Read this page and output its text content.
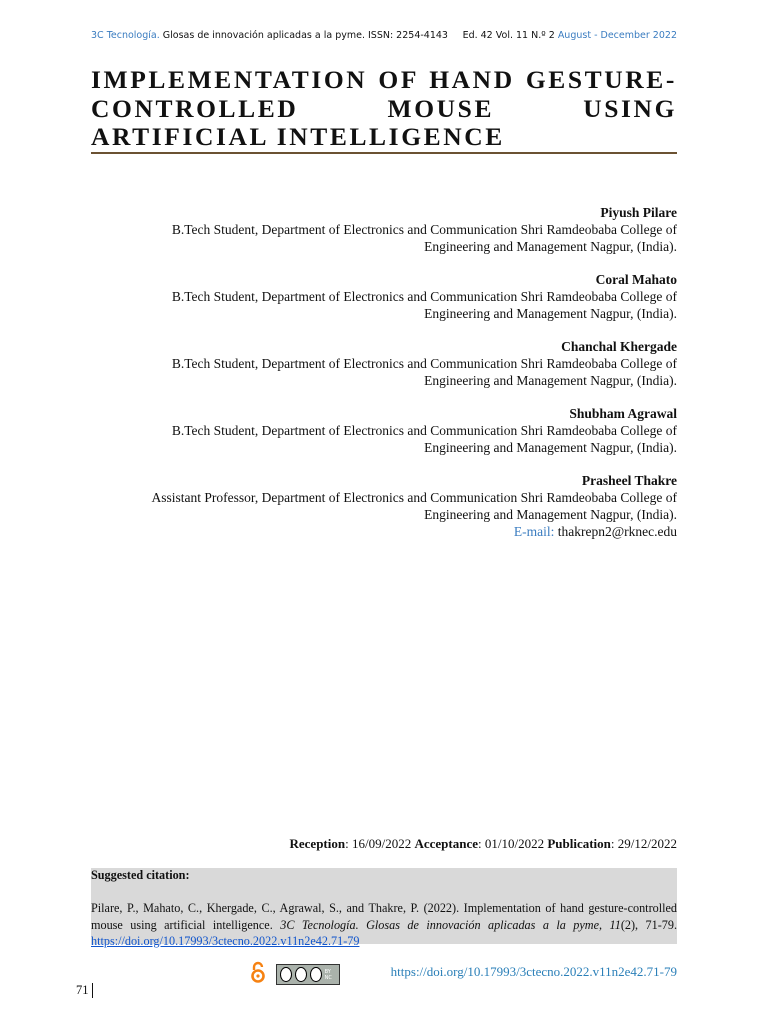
3C Tecnología. Glosas de innovación aplicadas a la pyme. ISSN: 2254-4143 Ed. 42 Vol. 11 N.º 2 August - December 2022
IMPLEMENTATION OF HAND GESTURE-CONTROLLED MOUSE USING ARTIFICIAL INTELLIGENCE
Piyush Pilare
B.Tech Student, Department of Electronics and Communication Shri Ramdeobaba College of
Engineering and Management Nagpur, (India).
Coral Mahato
B.Tech Student, Department of Electronics and Communication Shri Ramdeobaba College of
Engineering and Management Nagpur, (India).
Chanchal Khergade
B.Tech Student, Department of Electronics and Communication Shri Ramdeobaba College of
Engineering and Management Nagpur, (India).
Shubham Agrawal
B.Tech Student, Department of Electronics and Communication Shri Ramdeobaba College of
Engineering and Management Nagpur, (India).
Prasheel Thakre
Assistant Professor, Department of Electronics and Communication Shri Ramdeobaba College of
Engineering and Management Nagpur, (India).
E-mail: thakrepn2@rknec.edu
Reception: 16/09/2022 Acceptance: 01/10/2022 Publication: 29/12/2022
Suggested citation:

Pilare, P., Mahato, C., Khergade, C., Agrawal, S., and Thakre, P. (2022). Implementation of hand gesture-controlled mouse using artificial intelligence. 3C Tecnología. Glosas de innovación aplicadas a la pyme, 11(2), 71-79. https://doi.org/10.17993/3ctecno.2022.v11n2e42.71-79

BY NC	https://doi.org/10.17993/3ctecno.2022.v11n2e42.71-79
71
